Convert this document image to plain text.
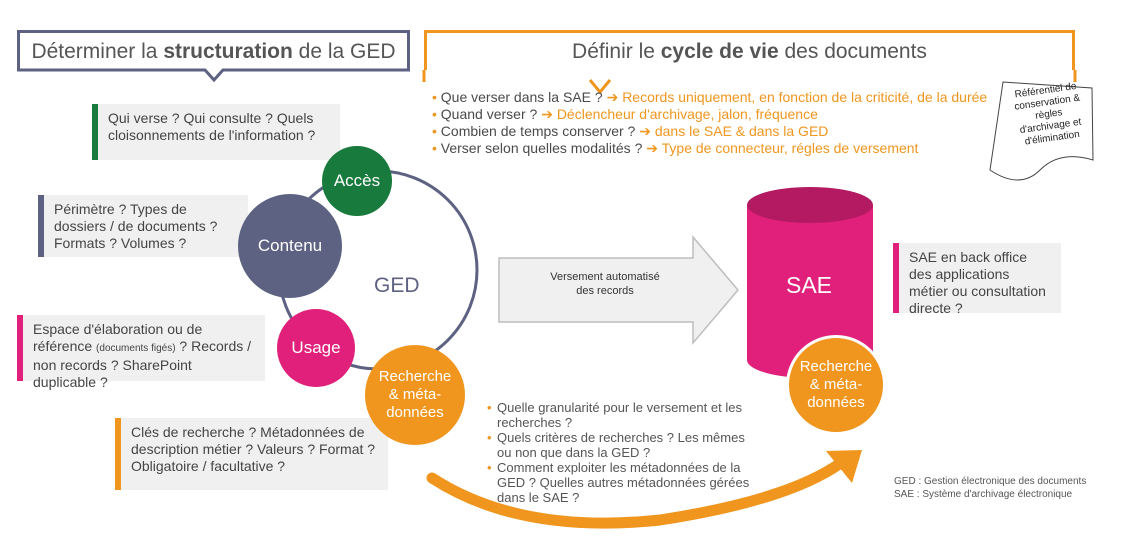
Déterminer la structuration de la GED	Définir le cycle de vie des documents
• Que verser dans la SAE ? ➔ Records uniquement, en fonction de la criticité, de la durée
• Quand verser ? ➔ Déclencheur d'archivage, jalon, fréquence
• Combien de temps conserver ? ➔ dans le SAE & dans la GED
• Verser selon quelles modalités ? ➔ Type de connecteur, régles de versement
Référentiel de conservation & règles d'archivage et d'élimination
Qui verse ? Qui consulte ? Quels cloisonnements de l'information ?
Périmètre ? Types de dossiers / de documents ? Formats ? Volumes ?
Espace d'élaboration ou de référence (documents figés) ? Records / non records ? SharePoint duplicable ?
Clés de recherche ? Métadonnées de description métier ? Valeurs ? Format ? Obligatoire / facultative ?
SAE en back office des applications métier ou consultation directe ?
Accès
Contenu
Usage
Recherche & méta-données
Recherche & méta-données
GED	SAE
Versement automatisé des records
• Quelle granularité pour le versement et les recherches ?
• Quels critères de recherches ? Les mêmes ou non que dans la GED ?
• Comment exploiter les métadonnées de la GED ? Quelles autres métadonnées gérées dans le SAE ?
GED : Gestion électronique des documents
SAE : Système d'archivage électronique
